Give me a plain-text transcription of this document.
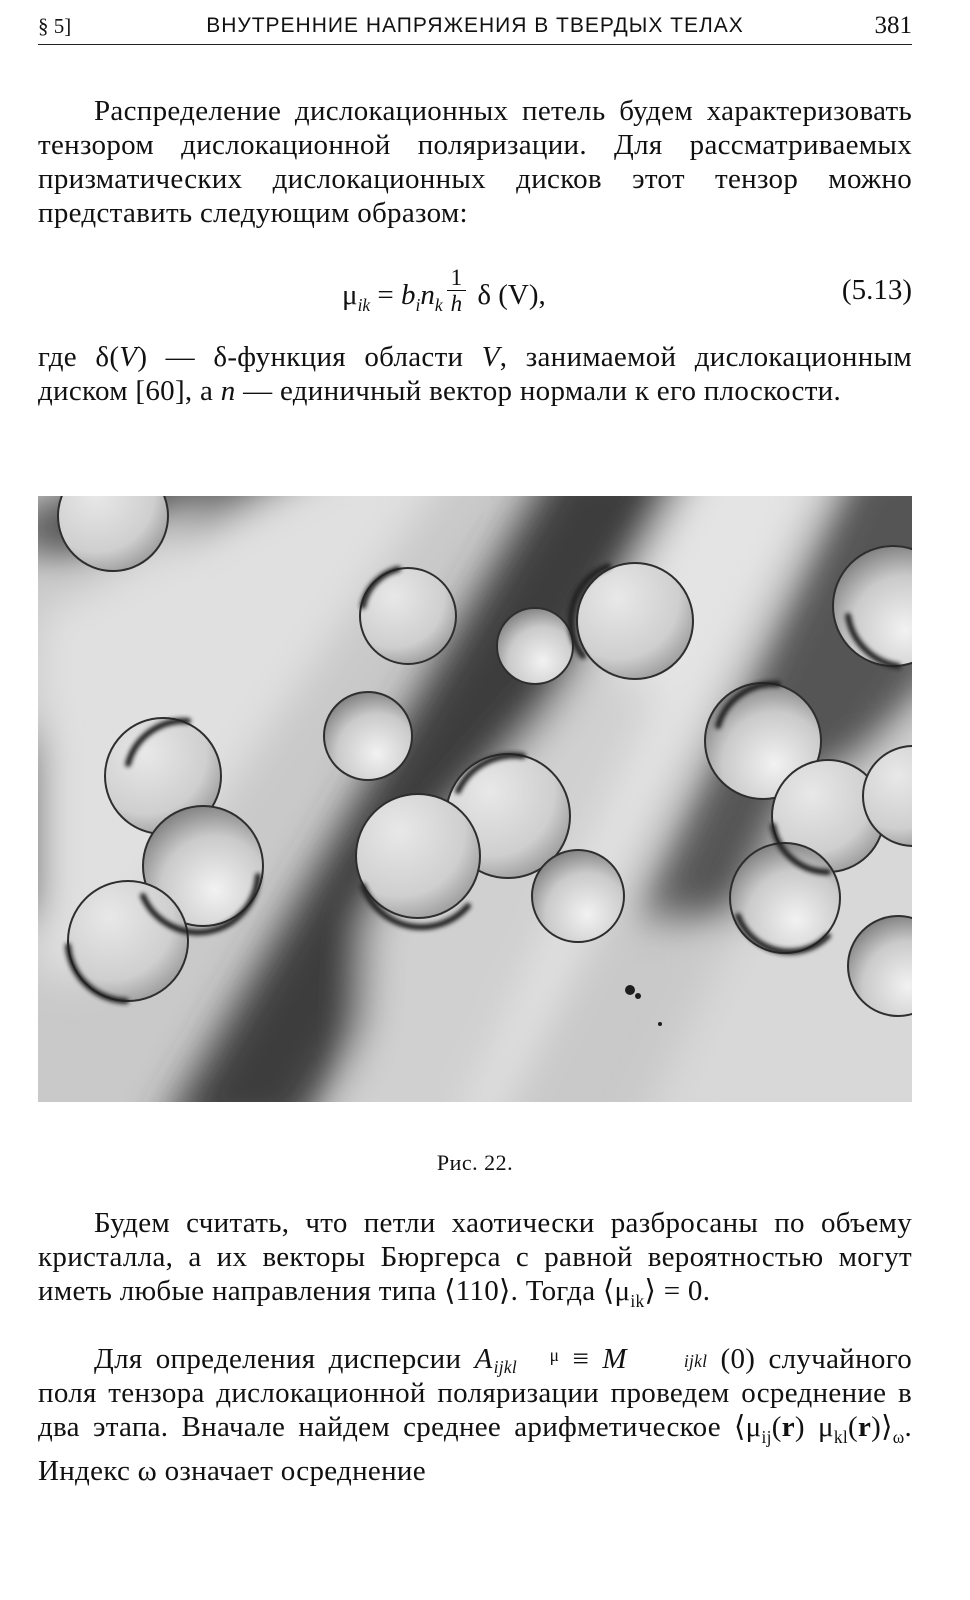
§ 5]	ВНУТРЕННИЕ НАПРЯЖЕНИЯ В ТВЕРДЫХ ТЕЛАХ	381
Распределение дислокационных петель будем характеризовать тензором дислокационной поляризации. Для рассматриваемых призматических дислокационных дисков этот тензор можно представить следующим образом:
$\mu_{ik} = b_in_k \frac{1}{h}$ δ (V),	(5.13)
где δ(V) — δ-функция области V, занимаемой дислокационным диском [60], а n — единичный вектор нормали к его плоскости.
Рис. 22.
Будем считать, что петли хаотически разбросаны по объему кристалла, а их векторы Бюргерса с равной вероятностью могут иметь любые направления типа ⟨110⟩. Тогда $⟨\mu_{ik}⟩ = 0$.
Для определения дисперсии A	μ
ijkl ≡ M	ijkl (0) случайного поля тензора дислокационной поляризации проведем осреднение в два этапа. Вначале найдем среднее арифметическое $⟨\mu_{ij}(r)$ $\mu_{kl}(r)⟩_\omega$. Индекс ω означает осреднение
